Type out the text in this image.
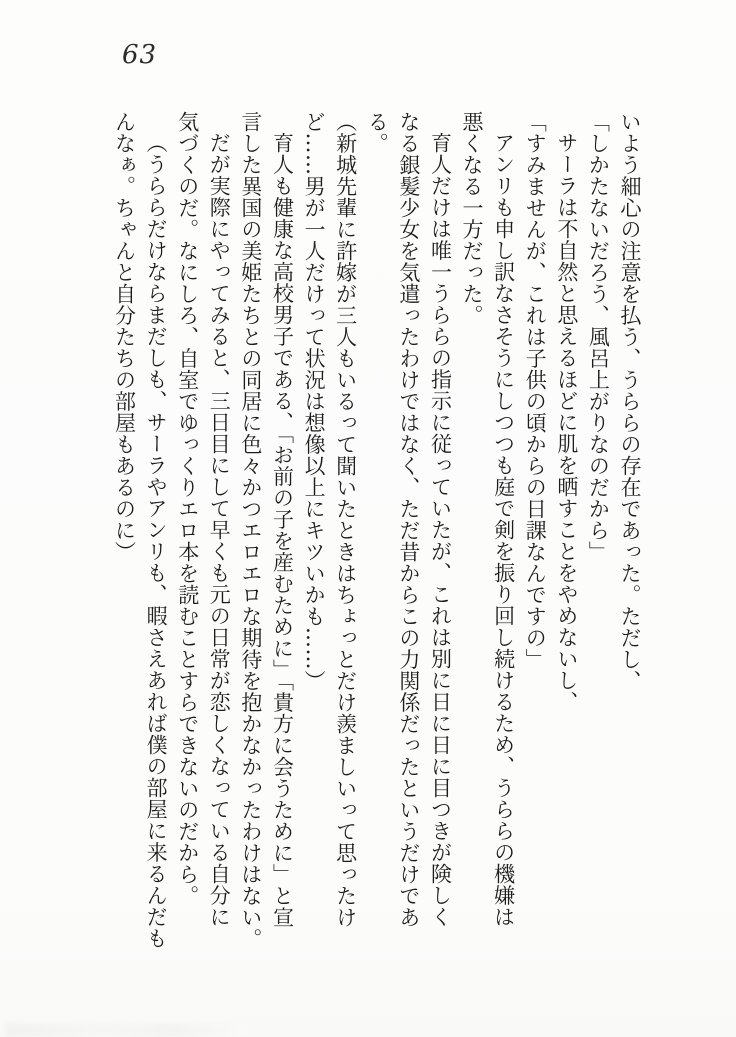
63

いよう細心の注意を払う、うららの存在であった。ただし、

「しかたないだろう、風呂上がりなのだから」

サーラは不自然と思えるほどに肌を晒すことをやめないし、

「すみませんが、これは子供の頃からの日課なんですの」

アンリも申し訳なさそうにしつつも庭で剣を振り回し続けるため、うららの機嫌は

悪くなる一方だった。

育人だけは唯一うららの指示に従っていたが、これは別に日に日に目つきが険しく

なる銀髪少女を気遣ったわけではなく、ただ昔からこの力関係だったというだけであ

る。

（新城先輩に許嫁が三人もいるって聞いたときはちょっとだけ羨ましいって思ったけ

ど……男が一人だけって状況は想像以上にキツいかも……）

育人も健康な高校男子である、「お前の子を産むために」「貴方に会うために」と宣

言した異国の美姫たちとの同居に色々かつエロエロな期待を抱かなかったわけはない。

だが実際にやってみると、三日目にして早くも元の日常が恋しくなっている自分に

気づくのだ。なにしろ、自室でゆっくりエロ本を読むことすらできないのだから。

（うららだけならまだしも、サーラやアンリも、暇さえあれば僕の部屋に来るんだも

んなぁ。ちゃんと自分たちの部屋もあるのに）
